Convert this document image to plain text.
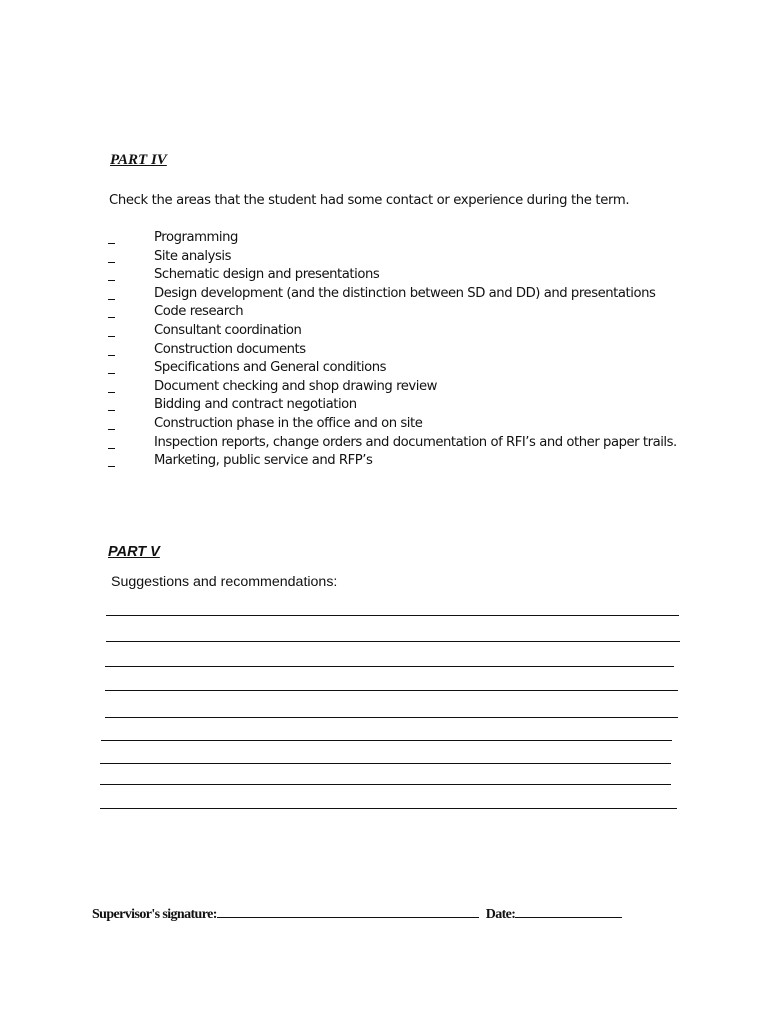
PART IV

Check the areas that the student had some contact or experience during the term.

Programming
Site analysis
Schematic design and presentations
Design development (and the distinction between SD and DD) and presentations
Code research
Consultant coordination
Construction documents
Specifications and General conditions
Document checking and shop drawing review
Bidding and contract negotiation
Construction phase in the office and on site
Inspection reports, change orders and documentation of RFI’s and other paper trails.
Marketing, public service and RFP’s
PART V

Suggestions and recommendations:

Supervisor's signature:	Date:
